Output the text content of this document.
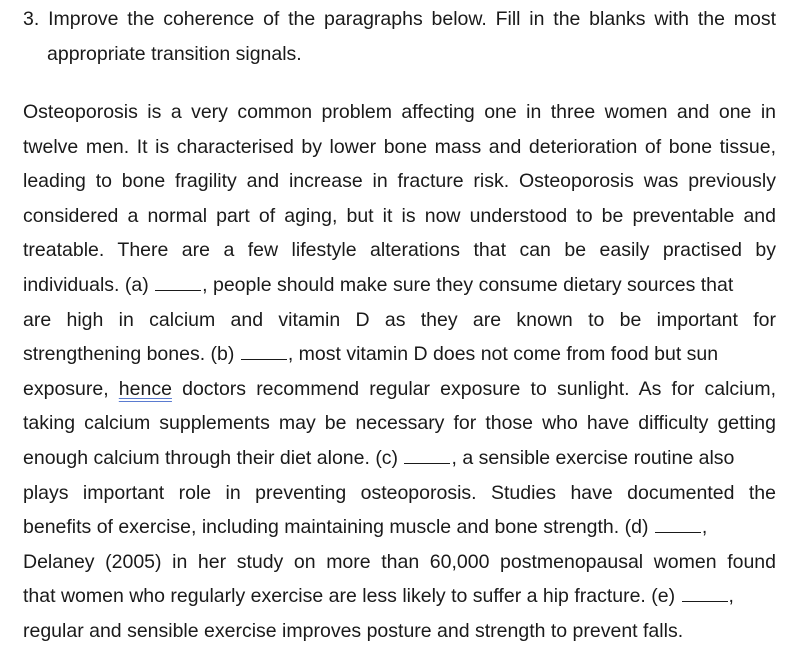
3. Improve the coherence of the paragraphs below. Fill in the blanks with the most
appropriate transition signals.
Osteoporosis is a very common problem affecting one in three women and one in
twelve men. It is characterised by lower bone mass and deterioration of bone tissue,
leading to bone fragility and increase in fracture risk. Osteoporosis was previously
considered a normal part of aging, but it is now understood to be preventable and
treatable. There are a few lifestyle alterations that can be easily practised by
individuals. (a)	, people should make sure they consume dietary sources that
are high in calcium and vitamin D as they are known to be important for
strengthening bones. (b)	, most vitamin D does not come from food but sun
exposure, hence doctors recommend regular exposure to sunlight. As for calcium,
taking calcium supplements may be necessary for those who have difficulty getting
enough calcium through their diet alone. (c)	, a sensible exercise routine also
plays important role in preventing osteoporosis. Studies have documented the
benefits of exercise, including maintaining muscle and bone strength. (d)	,
Delaney (2005) in her study on more than 60,000 postmenopausal women found
that women who regularly exercise are less likely to suffer a hip fracture. (e)	,
regular and sensible exercise improves posture and strength to prevent falls.
